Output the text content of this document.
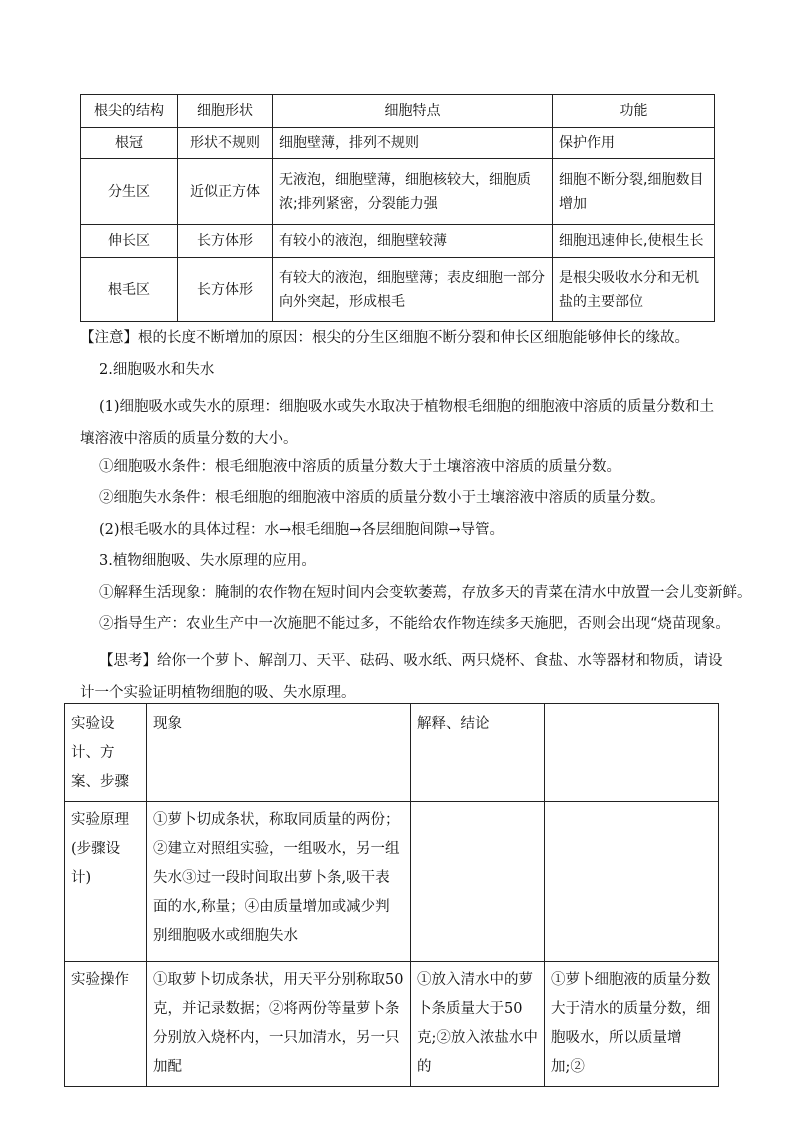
根尖的结构	细胞形状	细胞特点	功能
根冠	形状不规则	细胞壁薄，排列不规则	保护作用
分生区	近似正方体	无液泡，细胞壁薄，细胞核较大，细胞质浓;排列紧密，分裂能力强	细胞不断分裂,细胞数目增加
伸长区	长方体形	有较小的液泡，细胞壁较薄	细胞迅速伸长,使根生长
根毛区	长方体形	有较大的液泡，细胞壁薄；表皮细胞一部分向外突起，形成根毛	是根尖吸收水分和无机盐的主要部位
【注意】根的长度不断增加的原因：根尖的分生区细胞不断分裂和伸长区细胞能够伸长的缘故。
2.细胞吸水和失水
(1)细胞吸水或失水的原理：细胞吸水或失水取决于植物根毛细胞的细胞液中溶质的质量分数和土壤溶液中溶质的质量分数的大小。
①细胞吸水条件：根毛细胞液中溶质的质量分数大于土壤溶液中溶质的质量分数。
②细胞失水条件：根毛细胞的细胞液中溶质的质量分数小于土壤溶液中溶质的质量分数。
(2)根毛吸水的具体过程：水→根毛细胞→各层细胞间隙→导管。
3.植物细胞吸、失水原理的应用。
①解释生活现象：腌制的农作物在短时间内会变软萎蔫，存放多天的青菜在清水中放置一会儿变新鲜。
②指导生产：农业生产中一次施肥不能过多，不能给农作物连续多天施肥，否则会出现“烧苗现象。
【思考】给你一个萝卜、解剖刀、天平、砝码、吸水纸、两只烧杯、食盐、水等器材和物质，请设计一个实验证明植物细胞的吸、失水原理。
实验设计、方案、步骤	现象	解释、结论	
实验原理(步骤设计)	①萝卜切成条状，称取同质量的两份；②建立对照组实验，一组吸水，另一组失水③过一段时间取出萝卜条,吸干表面的水,称量；④由质量增加或减少判别细胞吸水或细胞失水		
实验操作	①取萝卜切成条状，用天平分别称取50克，并记录数据；②将两份等量萝卜条分别放入烧杯内，一只加清水，另一只加配	①放入清水中的萝卜条质量大于50克;②放入浓盐水中的	①萝卜细胞液的质量分数大于清水的质量分数，细胞吸水，所以质量增加;②
